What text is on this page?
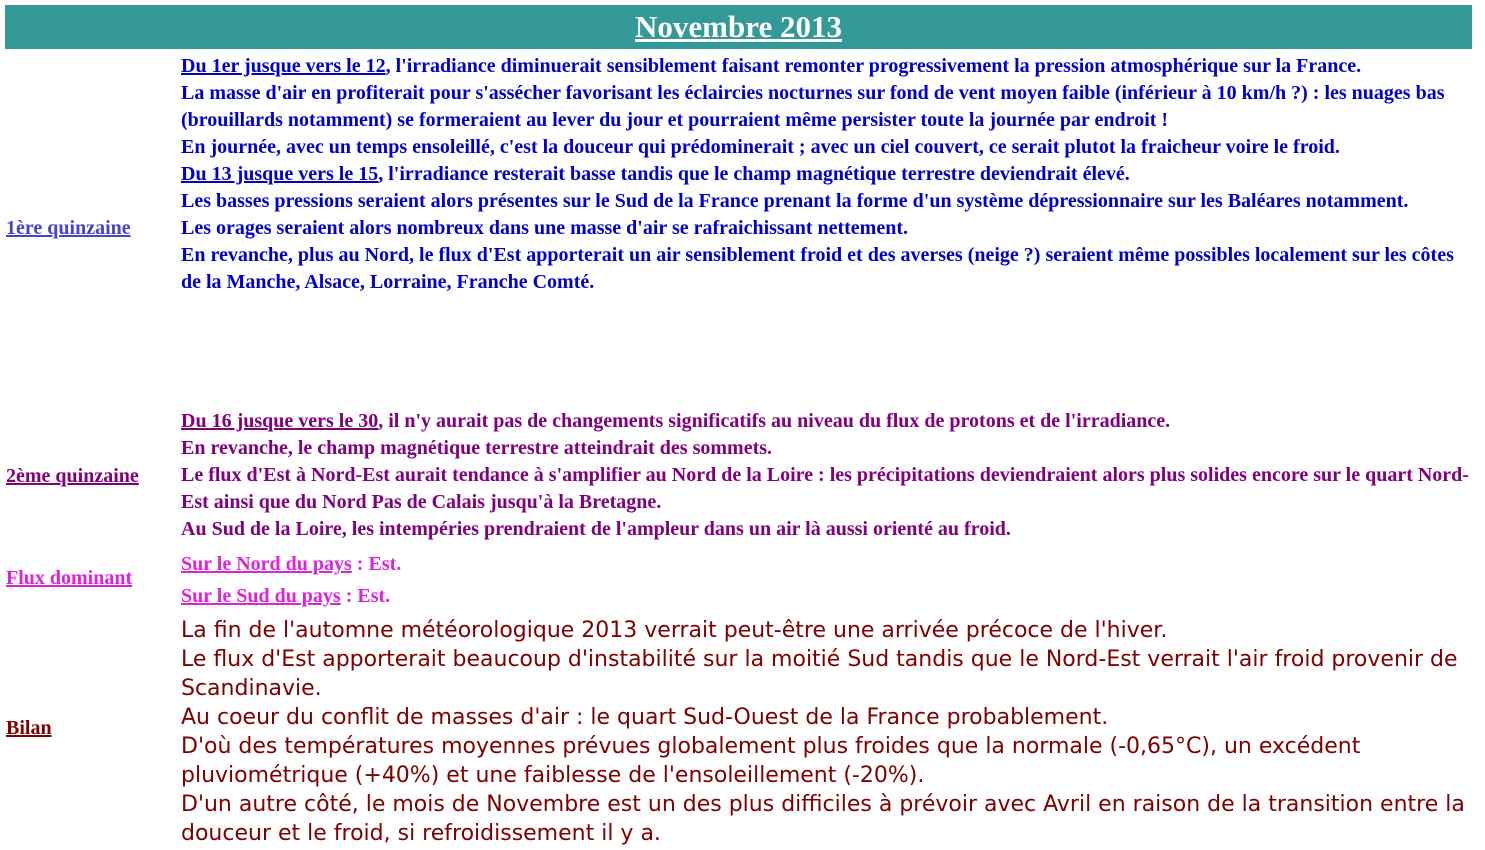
Novembre 2013
1ère quinzaine

Du 1er jusque vers le 12, l'irradiance diminuerait sensiblement faisant remonter progressivement la pression atmosphérique sur la France.

La masse d'air en profiterait pour s'assécher favorisant les éclaircies nocturnes sur fond de vent moyen faible (inférieur à 10 km/h ?) : les nuages bas (brouillards notamment) se formeraient au lever du jour et pourraient même persister toute la journée par endroit !

En journée, avec un temps ensoleillé, c'est la douceur qui prédominerait ; avec un ciel couvert, ce serait plutot la fraicheur voire le froid.

Du 13 jusque vers le 15, l'irradiance resterait basse tandis que le champ magnétique terrestre deviendrait élevé.

Les basses pressions seraient alors présentes sur le Sud de la France prenant la forme d'un système dépressionnaire sur les Baléares notamment.

Les orages seraient alors nombreux dans une masse d'air se rafraichissant nettement.

En revanche, plus au Nord, le flux d'Est apporterait un air sensiblement froid et des averses (neige ?) seraient même possibles localement sur les côtes de la Manche, Alsace, Lorraine, Franche Comté.

2ème quinzaine

Du 16 jusque vers le 30, il n'y aurait pas de changements significatifs au niveau du flux de protons et de l'irradiance.

En revanche, le champ magnétique terrestre atteindrait des sommets.

Le flux d'Est à Nord-Est aurait tendance à s'amplifier au Nord de la Loire : les précipitations deviendraient alors plus solides encore sur le quart Nord-Est ainsi que du Nord Pas de Calais jusqu'à la Bretagne.

Au Sud de la Loire, les intempéries prendraient de l'ampleur dans un air là aussi orienté au froid.

Flux dominant

Sur le Nord du pays : Est.

Sur le Sud du pays : Est.

Bilan

La fin de l'automne météorologique 2013 verrait peut-être une arrivée précoce de l'hiver.

Le flux d'Est apporterait beaucoup d'instabilité sur la moitié Sud tandis que le Nord-Est verrait l'air froid provenir de Scandinavie.

Au coeur du conflit de masses d'air : le quart Sud-Ouest de la France probablement.

D'où des températures moyennes prévues globalement plus froides que la normale (-0,65°C), un excédent pluviométrique (+40%) et une faiblesse de l'ensoleillement (-20%).

D'un autre côté, le mois de Novembre est un des plus difficiles à prévoir avec Avril en raison de la transition entre la douceur et le froid, si refroidissement il y a.
